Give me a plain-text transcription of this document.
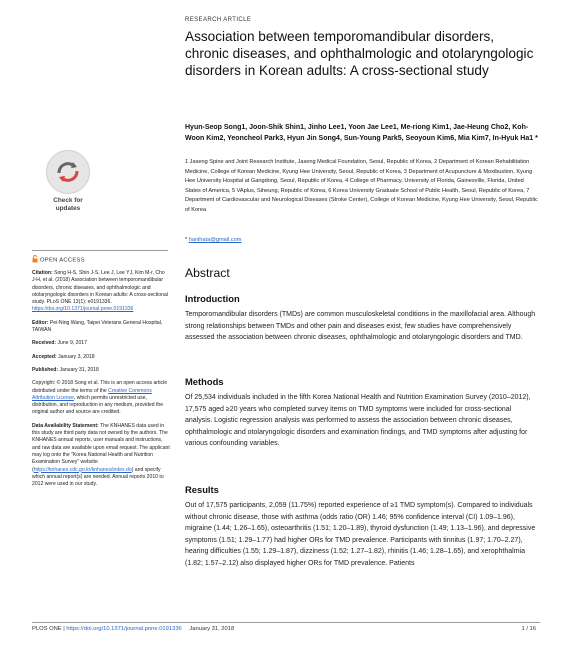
RESEARCH ARTICLE
Association between temporomandibular disorders, chronic diseases, and ophthalmologic and otolaryngologic disorders in Korean adults: A cross-sectional study
Hyun-Seop Song1, Joon-Shik Shin1, Jinho Lee1, Yoon Jae Lee1, Me-riong Kim1, Jae-Heung Cho2, Koh-Woon Kim2, Yeoncheol Park3, Hyun Jin Song4, Sun-Young Park5, Seoyoun Kim6, Mia Kim7, In-Hyuk Ha1 *
1 Jaseng Spine and Joint Research Institute, Jaseng Medical Foundation, Seoul, Republic of Korea, 2 Department of Korean Rehabilitation Medicine, College of Korean Medicine, Kyung Hee University, Seoul, Republic of Korea, 3 Department of Acupuncture & Moxibustion, Kyung Hee University Hospital at Gangdong, Seoul, Republic of Korea, 4 College of Pharmacy, University of Florida, Gainesville, Florida, United States of America, 5 VAplus, Siheung, Republic of Korea, 6 Korea University Graduate School of Public Health, Seoul, Republic of Korea, 7 Department of Cardiovascular and Neurological Diseases (Stroke Center), College of Korean Medicine, Kyung Hee University, Seoul, Republic of Korea
* hanihata@gmail.com
Check for
updates
OPEN ACCESS

Citation: Song H-S, Shin J-S, Lee J, Lee YJ, Kim M-r, Cho J-H, et al. (2018) Association between temporomandibular disorders, chronic diseases, and ophthalmologic and otolaryngologic disorders in Korean adults: A cross-sectional study. PLoS ONE 13(1): e0191336. https://doi.org/10.1371/journal.pone.0191336

Editor: Pei-Ning Wang, Taipei Veterans General Hospital, TAIWAN

Received: June 9, 2017

Accepted: January 3, 2018

Published: January 31, 2018

Copyright: © 2018 Song et al. This is an open access article distributed under the terms of the Creative Commons Attribution License, which permits unrestricted use, distribution, and reproduction in any medium, provided the original author and source are credited.

Data Availability Statement: The KNHANES data used in this study are third party data not owned by the authors. The KNHANES annual reports, user manuals and instructions, and raw data are available upon email request. The applicant may log onto the "Korea National Health and Nutrition Examination Survey" website (https://knhanes.cdc.go.kr/knhanes/index.do) and specify which annual report(s) are needed. Annual reports 2010 to 2012 were used in our study.

Abstract
Introduction
Temporomandibular disorders (TMDs) are common musculoskeletal conditions in the maxillofacial area. Although strong relationships between TMDs and other pain and diseases exist, few studies have comprehensively assessed the association between chronic diseases, ophthalmologic and otolaryngologic disorders and TMD.
Methods
Of 25,534 individuals included in the fifth Korea National Health and Nutrition Examination Survey (2010–2012), 17,575 aged ≥20 years who completed survey items on TMD symptoms were included for cross-sectional analysis. Logistic regression analysis was performed to assess the association between chronic diseases, ophthalmologic and otolaryngologic disorders and examination findings, and TMD symptoms after adjusting for various confounding variables.
Results
Out of 17,575 participants, 2,059 (11.75%) reported experience of ≥1 TMD symptom(s). Compared to individuals without chronic disease, those with asthma (odds ratio (OR) 1.46; 95% confidence interval (CI) 1.09–1.96), migraine (1.44; 1.26–1.65), osteoarthritis (1.51; 1.20–1.89), thyroid dysfunction (1.49; 1.13–1.96), and depressive symptoms (1.51; 1.29–1.77) had higher ORs for TMD prevalence. Participants with tinnitus (1.97; 1.70–2.27), hearing difficulties (1.55; 1.29–1.87), dizziness (1.52; 1.27–1.82), rhinitis (1.46; 1.28–1.65), and xerophthalmia (1.82; 1.57–2.12) also displayed higher ORs for TMD prevalence. Patients
PLOS ONE | https://doi.org/10.1371/journal.pone.0191336 January 31, 2018	1 / 16
